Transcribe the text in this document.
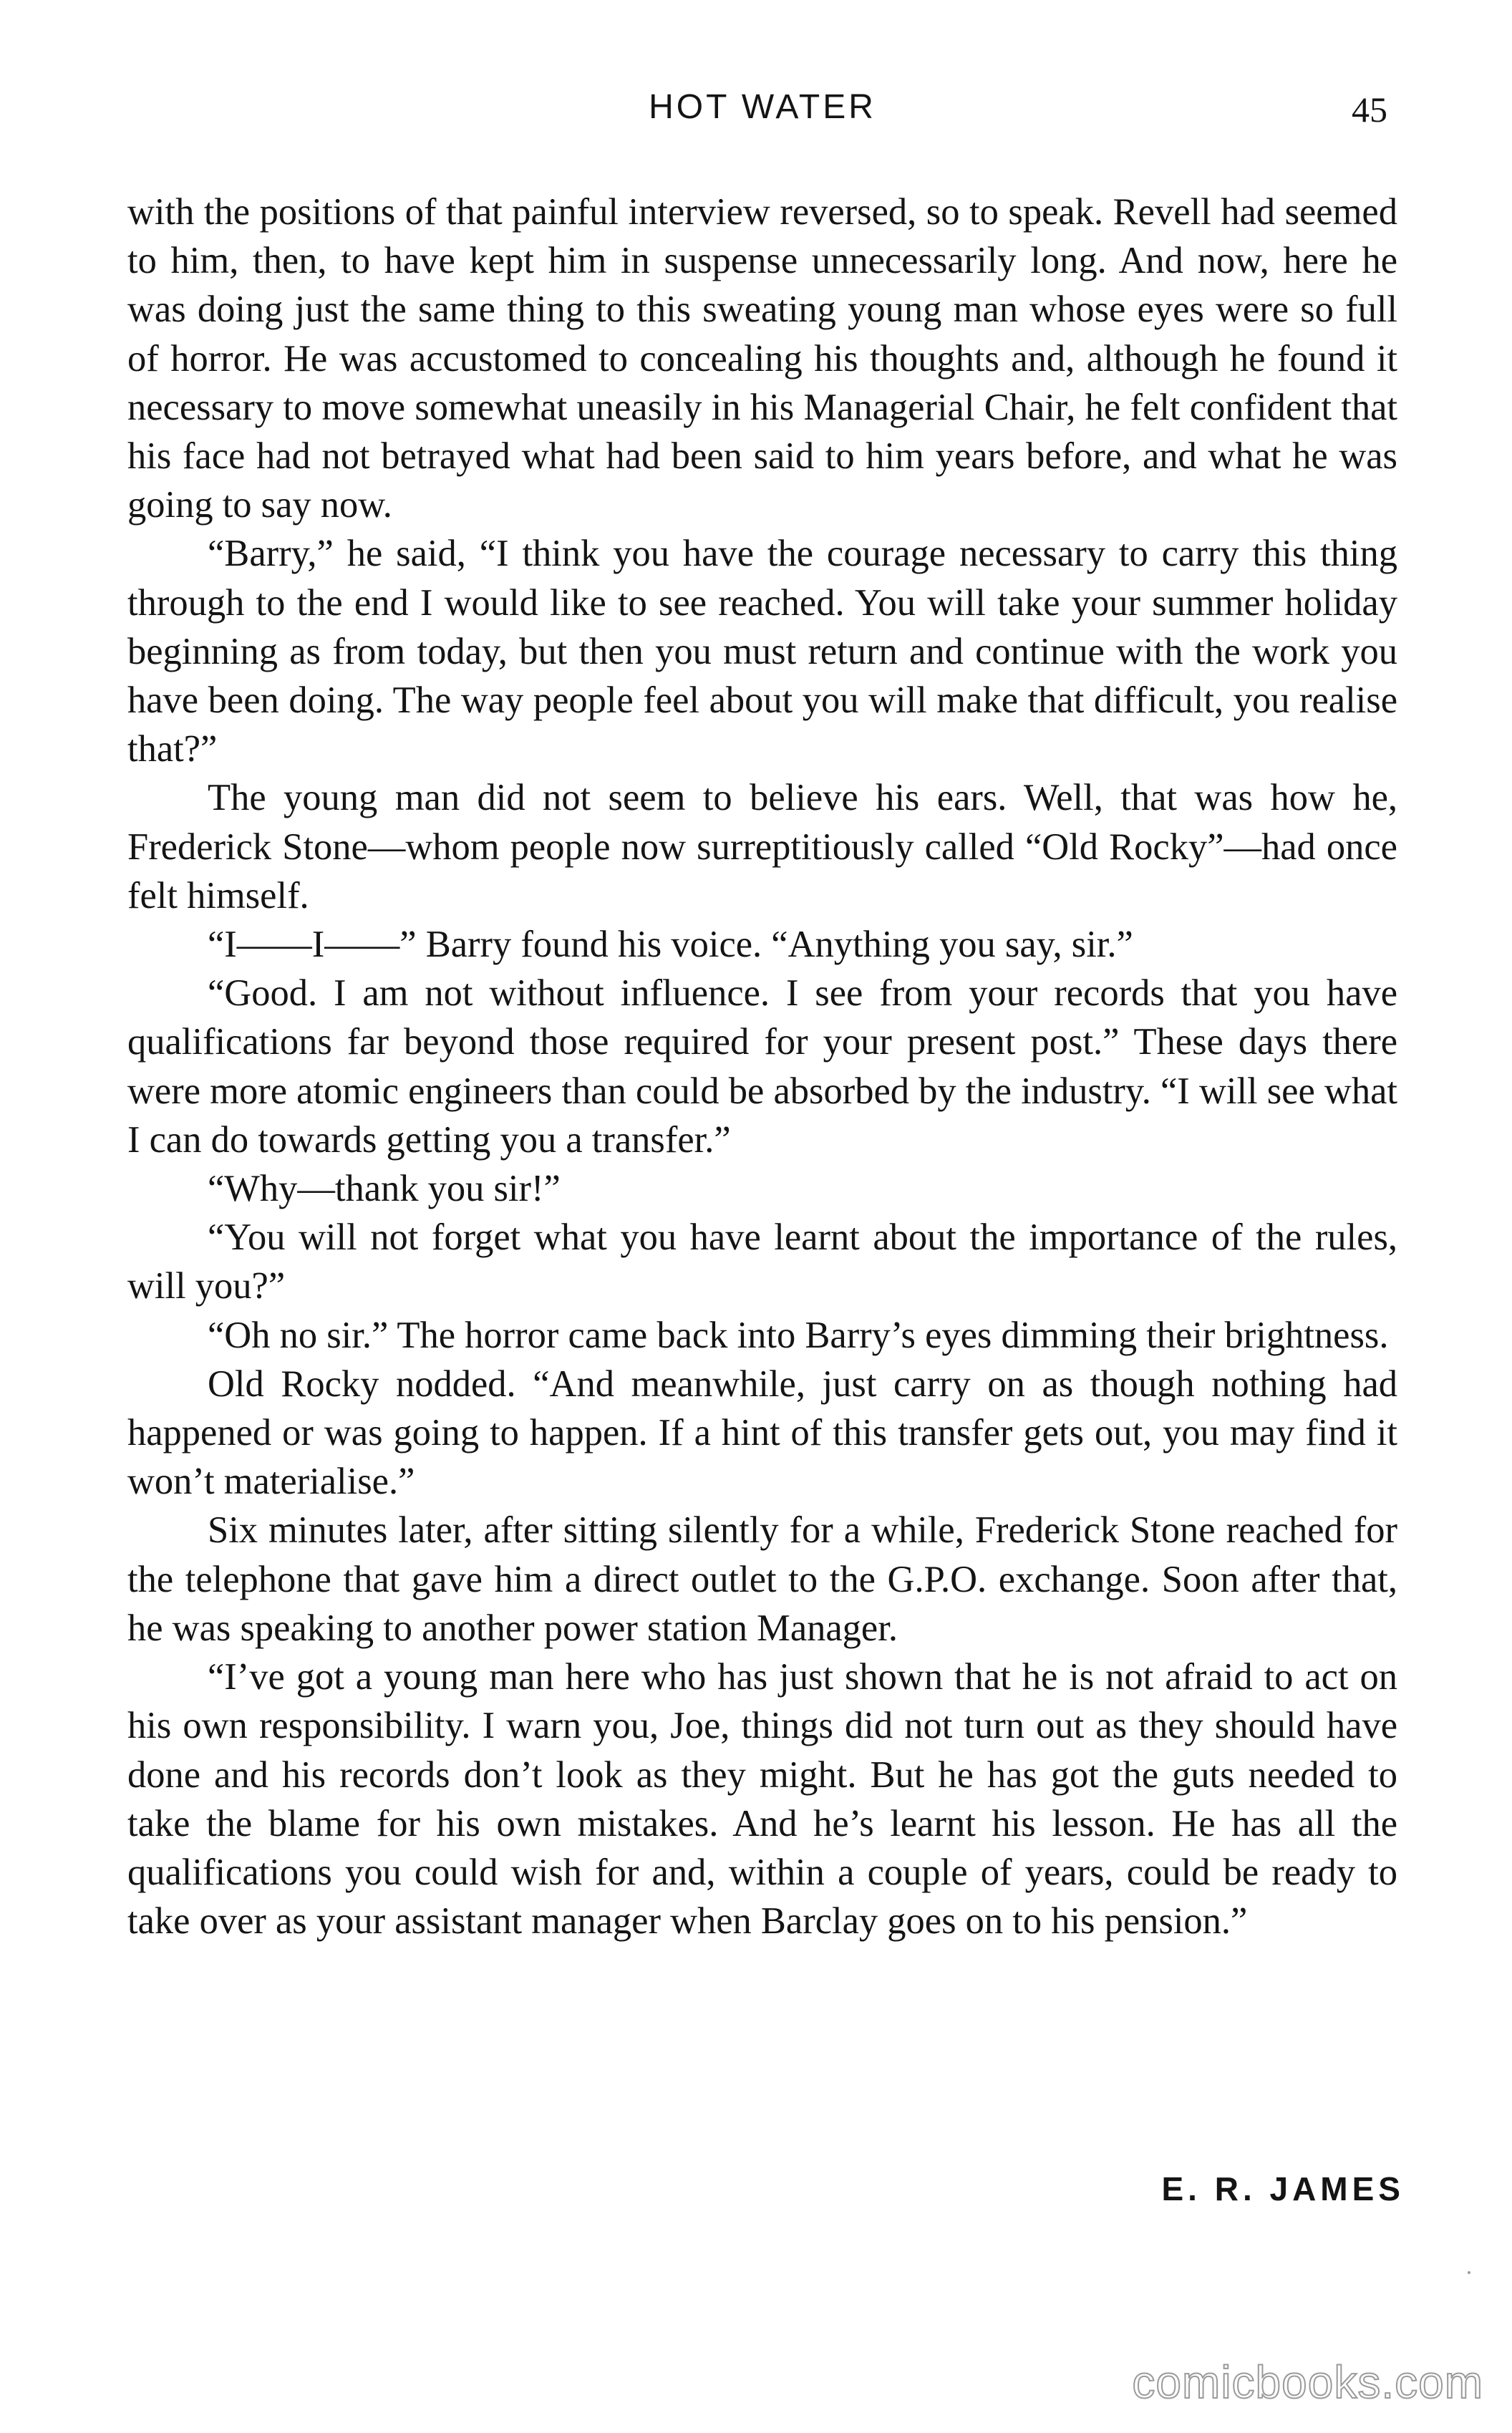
HOT WATER	45

with the positions of that painful interview reversed, so to speak. Revell had seemed to him, then, to have kept him in suspense unnecessarily long. And now, here he was doing just the same thing to this sweating young man whose eyes were so full of horror. He was accustomed to concealing his thoughts and, although he found it necessary to move somewhat uneasily in his Managerial Chair, he felt confident that his face had not betrayed what had been said to him years before, and what he was going to say now.

“Barry,” he said, “I think you have the courage necessary to carry this thing through to the end I would like to see reached. You will take your summer holiday beginning as from today, but then you must return and continue with the work you have been doing. The way people feel about you will make that difficult, you realise that?”

The young man did not seem to believe his ears. Well, that was how he, Frederick Stone—whom people now surreptitiously called “Old Rocky”—had once felt himself.

“I——I——” Barry found his voice. “Anything you say, sir.”

“Good. I am not without influence. I see from your records that you have qualifications far beyond those required for your present post.” These days there were more atomic engineers than could be absorbed by the industry. “I will see what I can do towards getting you a transfer.”

“Why—thank you sir!”

“You will not forget what you have learnt about the importance of the rules, will you?”

“Oh no sir.” The horror came back into Barry’s eyes dimming their brightness.

Old Rocky nodded. “And meanwhile, just carry on as though nothing had happened or was going to happen. If a hint of this transfer gets out, you may find it won’t materialise.”

Six minutes later, after sitting silently for a while, Frederick Stone reached for the telephone that gave him a direct outlet to the G.P.O. exchange. Soon after that, he was speaking to another power station Manager.

“I’ve got a young man here who has just shown that he is not afraid to act on his own responsibility. I warn you, Joe, things did not turn out as they should have done and his records don’t look as they might. But he has got the guts needed to take the blame for his own mistakes. And he’s learnt his lesson. He has all the qualifications you could wish for and, within a couple of years, could be ready to take over as your assistant manager when Barclay goes on to his pension.”

E. R. JAMES
comicbooks.com
